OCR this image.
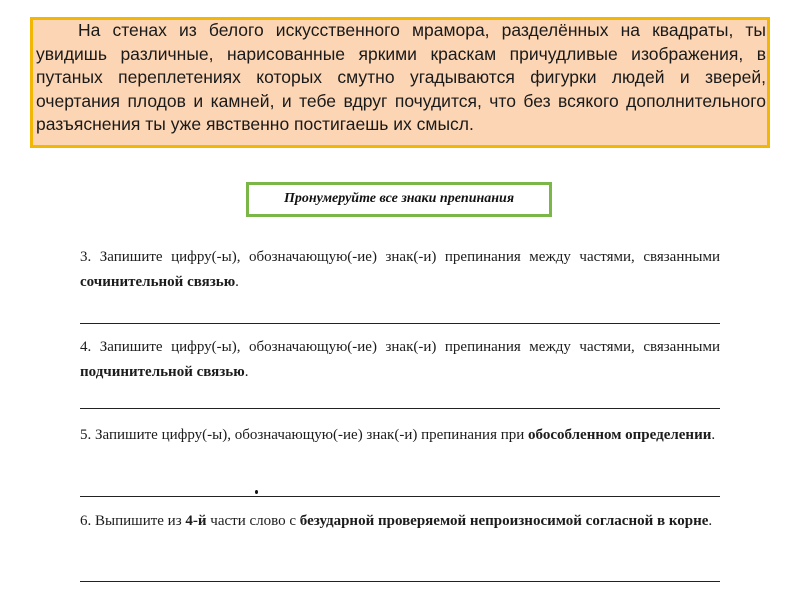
На стенах из белого искусственного мрамора, разделённых на квадраты, ты увидишь различные, нарисованные яркими краскам причудливые изображения, в путаных переплетениях которых смутно угадываются фигурки людей и зверей, очертания плодов и камней, и тебе вдруг почудится, что без всякого дополнительного разъяснения ты уже явственно постигаешь их смысл.

Пронумеруйте все знаки препинания

3. Запишите цифру(-ы), обозначающую(-ие) знак(-и) препинания между частями, связанными сочинительной связью.

4. Запишите цифру(-ы), обозначающую(-ие) знак(-и) препинания между частями, связанными подчинительной связью.

5. Запишите цифру(-ы), обозначающую(-ие) знак(-и) препинания при обособленном определении.

6. Выпишите из 4-й части слово с безударной проверяемой непроизносимой согласной в корне.
